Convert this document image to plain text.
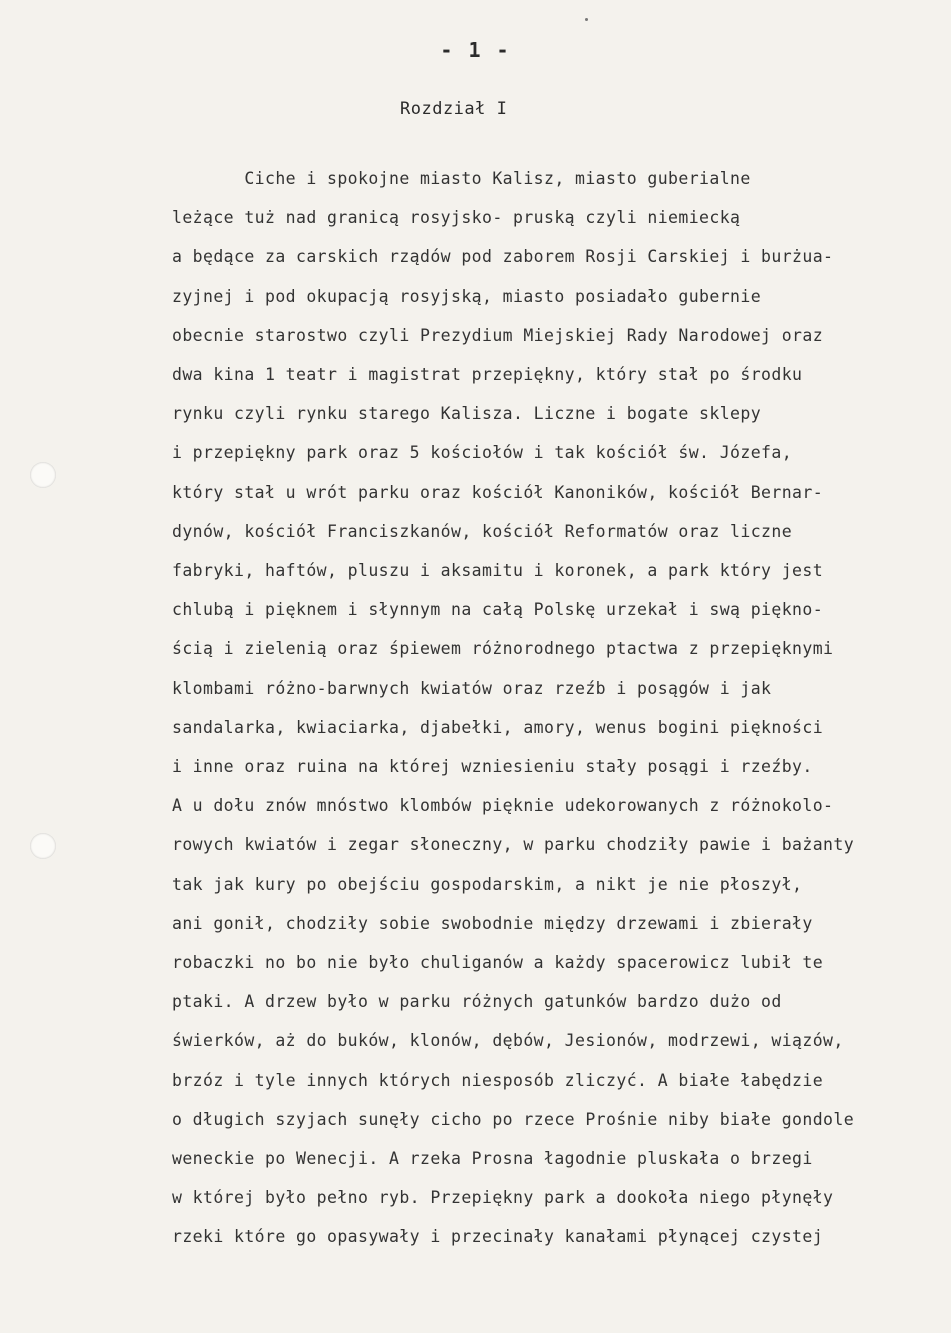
- 1 -
Rozdział I
Cichе i spokojne miasto Kalisz, miasto guberialne
leżące tuż nad granicą rosyjsko- pruską czyli niemiecką
a będące za carskich rządów pod zaborem Rosji Carskiej i burżua-
zyjnej i pod okupacją rosyjską, miasto posiadało gubernie
obecnie starostwo czyli Prezydium Miejskiej Rady Narodowej oraz
dwa kina 1 teatr i magistrat przepiękny, który stał po środku
rynku czyli rynku starego Kalisza. Liczne i bogate sklepy
i przepiękny park oraz 5 kościołów i tak kościół św. Józefa,
który stał u wrót parku oraz kościół Kanoników, kościół Bernar-
dynów, kościół Franciszkanów, kościół Reformatów oraz liczne
fabryki, haftów, pluszu i aksamitu i koronek, a park który jest
chlubą i pięknem i słynnym na całą Polskę urzekał i swą piękno-
ścią i zielenią oraz śpiewem różnorodnego ptactwa z przepięknymi
klombami różno-barwnych kwiatów oraz rzeźb i posągów i jak
sandalarka, kwiaciarka, djabełki, amory, wenus bogini piękności
i inne oraz ruina na której wzniesieniu stały posągi i rzeźby.
A u dołu znów mnóstwo klombów pięknie udekorowanych z różnokolo-
rowych kwiatów i zegar słoneczny, w parku chodziły pawie i bażanty
tak jak kury po obejściu gospodarskim, a nikt je nie płoszył,
ani gonił, chodziły sobie swobodnie między drzewami i zbierały
robaczki no bo nie było chuliganów a każdy spacerowicz lubił te
ptaki. A drzew było w parku różnych gatunków bardzo dużo od
świerków, aż do buków, klonów, dębów, Jesionów, modrzewi, wiązów,
brzóz i tyle innych których niesposób zliczyć. A białe łabędzie
o długich szyjach sunęły cicho po rzece Prośnie niby białe gondole
weneckie po Wenecji. A rzeka Prosna łagodnie pluskała o brzegi
w której było pełno ryb. Przepiękny park a dookoła niego płynęły
rzeki które go opasywały i przecinały kanałami płynącej czystej
